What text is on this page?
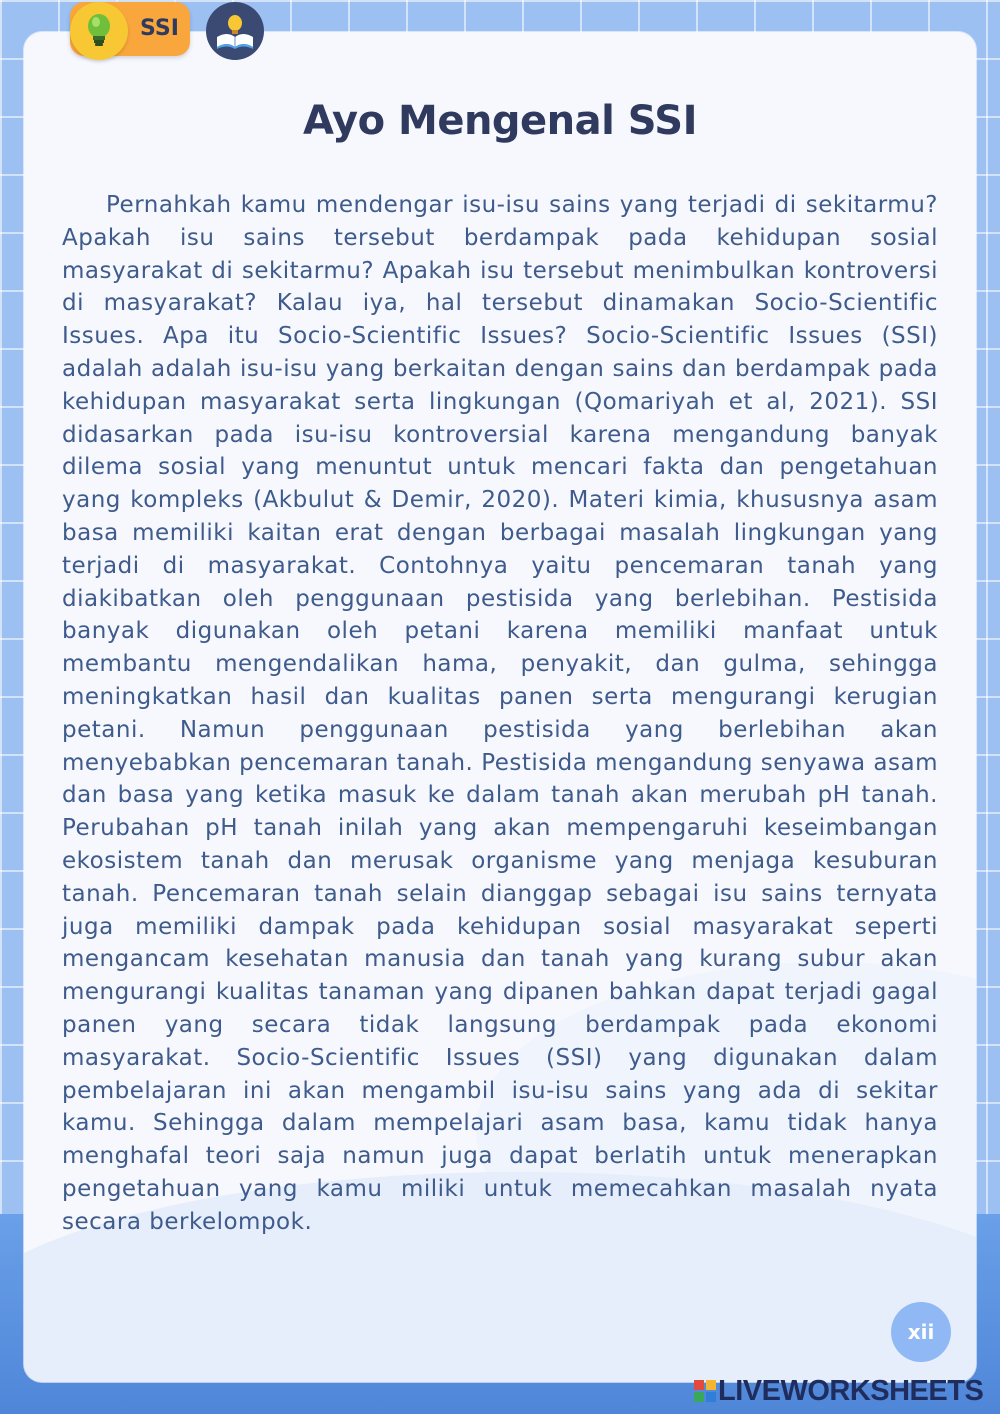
SSI
Ayo Mengenal SSI

Pernahkah kamu mendengar isu-isu sains yang terjadi di sekitarmu? Apakah isu sains tersebut berdampak pada kehidupan sosial masyarakat di sekitarmu? Apakah isu tersebut menimbulkan kontroversi di masyarakat? Kalau iya, hal tersebut dinamakan Socio-Scientific Issues. Apa itu Socio-Scientific Issues? Socio-Scientific Issues (SSI) adalah adalah isu-isu yang berkaitan dengan sains dan berdampak pada kehidupan masyarakat serta lingkungan (Qomariyah et al, 2021). SSI didasarkan pada isu-isu kontroversial karena mengandung banyak dilema sosial yang menuntut untuk mencari fakta dan pengetahuan yang kompleks (Akbulut & Demir, 2020). Materi kimia, khususnya asam basa memiliki kaitan erat dengan berbagai masalah lingkungan yang terjadi di masyarakat. Contohnya yaitu pencemaran tanah yang diakibatkan oleh penggunaan pestisida yang berlebihan. Pestisida banyak digunakan oleh petani karena memiliki manfaat untuk membantu mengendalikan hama, penyakit, dan gulma, sehingga meningkatkan hasil dan kualitas panen serta mengurangi kerugian petani. Namun penggunaan pestisida yang berlebihan akan menyebabkan pencemaran tanah. Pestisida mengandung senyawa asam dan basa yang ketika masuk ke dalam tanah akan merubah pH tanah. Perubahan pH tanah inilah yang akan mempengaruhi keseimbangan ekosistem tanah dan merusak organisme yang menjaga kesuburan tanah. Pencemaran tanah selain dianggap sebagai isu sains ternyata juga memiliki dampak pada kehidupan sosial masyarakat seperti mengancam kesehatan manusia dan tanah yang kurang subur akan mengurangi kualitas tanaman yang dipanen bahkan dapat terjadi gagal panen yang secara tidak langsung berdampak pada ekonomi masyarakat. Socio-Scientific Issues (SSI) yang digunakan dalam pembelajaran ini akan mengambil isu-isu sains yang ada di sekitar kamu. Sehingga dalam mempelajari asam basa, kamu tidak hanya menghafal teori saja namun juga dapat berlatih untuk menerapkan pengetahuan yang kamu miliki untuk memecahkan masalah nyata secara berkelompok.

xii
LIVEWORKSHEETS
